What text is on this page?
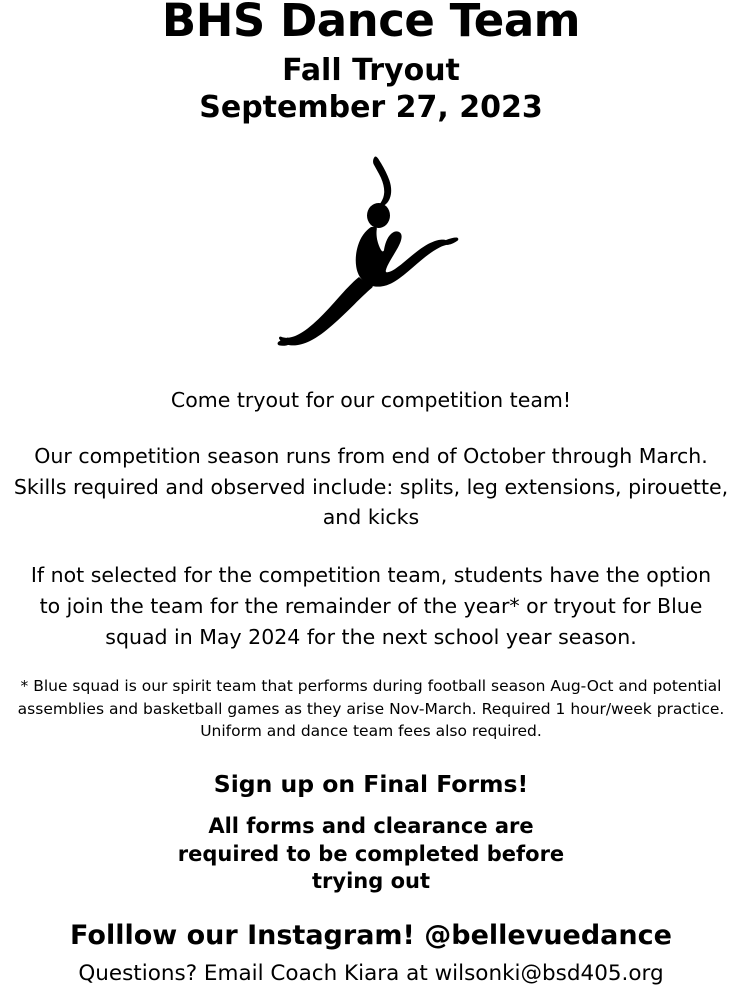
BHS Dance Team
Fall Tryout
September 27, 2023
Come tryout for our competition team!
Our competition season runs from end of October through March. Skills required and observed include: splits, leg extensions, pirouette, and kicks
If not selected for the competition team, students have the option to join the team for the remainder of the year* or tryout for Blue squad in May 2024 for the next school year season.
* Blue squad is our spirit team that performs during football season Aug-Oct and potential assemblies and basketball games as they arise Nov-March. Required 1 hour/week practice. Uniform and dance team fees also required.
Sign up on Final Forms!
All forms and clearance are required to be completed before trying out
Folllow our Instagram! @bellevuedance
Questions? Email Coach Kiara at wilsonki@bsd405.org
